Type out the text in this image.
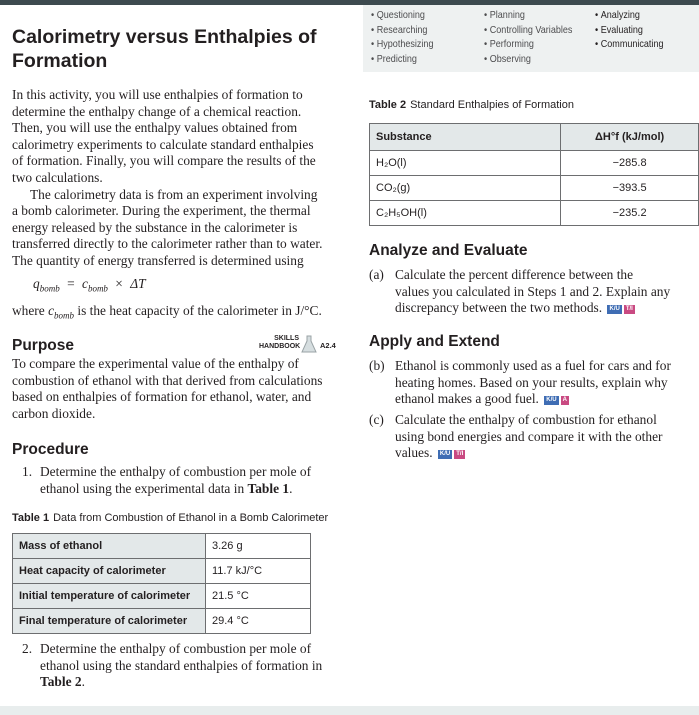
• Questioning
• Researching
• Hypothesizing
• Predicting
• Planning
• Controlling Variables
• Performing
• Observing
• Analyzing
• Evaluating
• Communicating
Calorimetry versus Enthalpies of
Formation
In this activity, you will use enthalpies of formation to
determine the enthalpy change of a chemical reaction.
Then, you will use the enthalpy values obtained from
calorimetry experiments to calculate standard enthalpies
of formation. Finally, you will compare the results of the
two calculations.
The calorimetry data is from an experiment involving
a bomb calorimeter. During the experiment, the thermal
energy released by the substance in the calorimeter is
transferred directly to the calorimeter rather than to water.
The quantity of energy transferred is determined using
$q_{bomb} = c_{bomb} \times \Delta T$
where $c_{bomb}$ is the heat capacity of the calorimeter in J/°C.
Purpose	SKILLS
HANDBOOK	A2.4
To compare the experimental value of the enthalpy of
combustion of ethanol with that derived from calculations
based on enthalpies of formation for ethanol, water, and
carbon dioxide.
Procedure
1. Determine the enthalpy of combustion per mole of
ethanol using the experimental data in Table 1.
Table 1 Data from Combustion of Ethanol in a Bomb Calorimeter
Mass of ethanol	3.26 g
Heat capacity of calorimeter	11.7 kJ/°C
Initial temperature of calorimeter	21.5 °C
Final temperature of calorimeter	29.4 °C
2. Determine the enthalpy of combustion per mole of
ethanol using the standard enthalpies of formation in
Table 2.
Table 2 Standard Enthalpies of Formation
Substance	ΔH°f (kJ/mol)
H₂O(l)	−285.8
CO₂(g)	−393.5
C₂H₅OH(l)	−235.2
Analyze and Evaluate
(a) Calculate the percent difference between the
values you calculated in Steps 1 and 2. Explain any
discrepancy between the two methods. K/U T/I
Apply and Extend
(b) Ethanol is commonly used as a fuel for cars and for
heating homes. Based on your results, explain why
ethanol makes a good fuel. K/U A
(c) Calculate the enthalpy of combustion for ethanol
using bond energies and compare it with the other
values. K/U T/I
